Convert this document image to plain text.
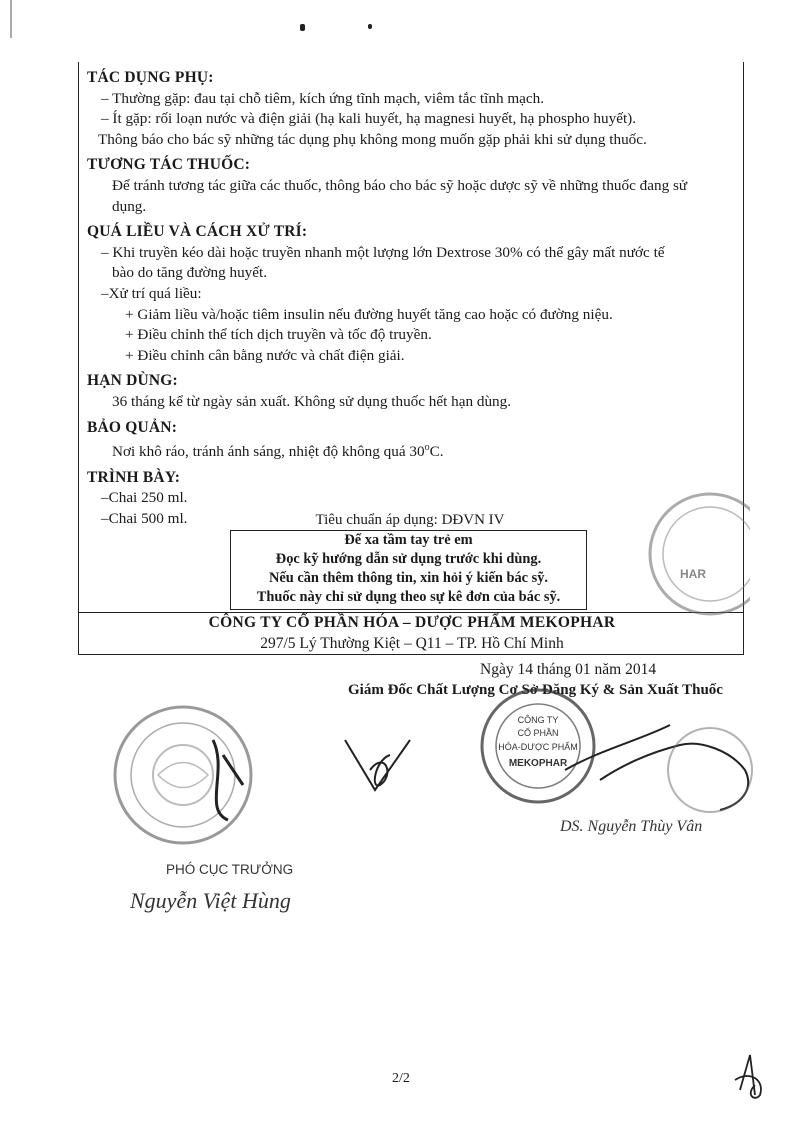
TÁC DỤNG PHỤ:

– Thường gặp: đau tại chỗ tiêm, kích ứng tĩnh mạch, viêm tắc tĩnh mạch.

– Ít gặp: rối loạn nước và điện giải (hạ kali huyết, hạ magnesi huyết, hạ phospho huyết).

Thông báo cho bác sỹ những tác dụng phụ không mong muốn gặp phải khi sử dụng thuốc.

TƯƠNG TÁC THUỐC:

Để tránh tương tác giữa các thuốc, thông báo cho bác sỹ hoặc dược sỹ về những thuốc đang sử

dụng.

QUÁ LIỀU VÀ CÁCH XỬ TRÍ:

– Khi truyền kéo dài hoặc truyền nhanh một lượng lớn Dextrose 30% có thể gây mất nước tế

bào do tăng đường huyết.

–Xử trí quá liều:

+ Giảm liều và/hoặc tiêm insulin nếu đường huyết tăng cao hoặc có đường niệu.

+ Điều chỉnh thể tích dịch truyền và tốc độ truyền.

+ Điều chỉnh cân bằng nước và chất điện giải.

HẠN DÙNG:

36 tháng kể từ ngày sản xuất. Không sử dụng thuốc hết hạn dùng.

BẢO QUẢN:

Nơi khô ráo, tránh ánh sáng, nhiệt độ không quá 30$^o$C.

TRÌNH BÀY:

–Chai 250 ml.

–Chai 500 ml.	Tiêu chuẩn áp dụng: DĐVN IV
Để xa tầm tay trẻ em
Đọc kỹ hướng dẫn sử dụng trước khi dùng.
Nếu cần thêm thông tin, xin hỏi ý kiến bác sỹ.
Thuốc này chỉ sử dụng theo sự kê đơn của bác sỹ.
CÔNG TY CỔ PHẦN HÓA – DƯỢC PHẨM MEKOPHAR
297/5 Lý Thường Kiệt – Q11 – TP. Hồ Chí Minh
Ngày 14 tháng 01 năm 2014
Giám Đốc Chất Lượng Cơ Sở Đăng Ký & Sản Xuất Thuốc
HAR
CÔNG TY
CỔ PHẦN
HÓA-DƯỢC PHẨM
MEKOPHAR
DS. Nguyễn Thùy Vân
PHÓ CỤC TRƯỞNG
Nguyễn Việt Hùng
2/2
